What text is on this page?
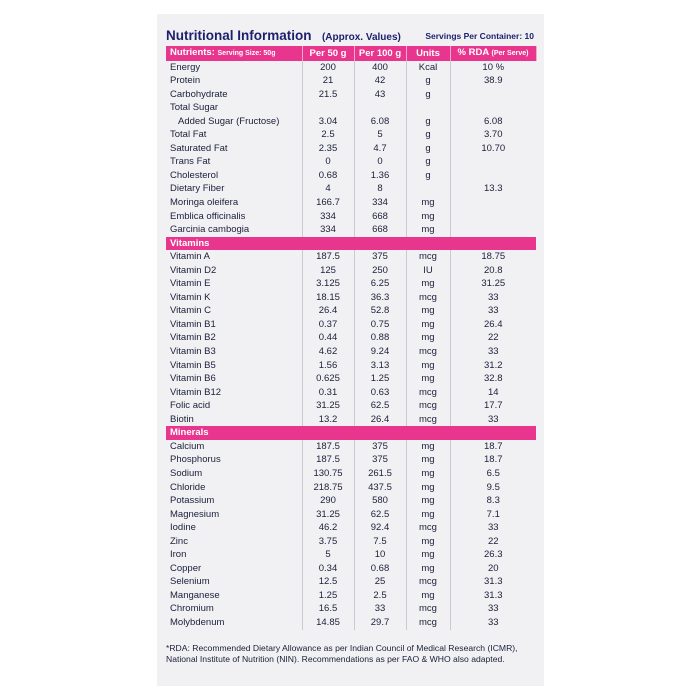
Nutritional Information (Approx. Values)	Servings Per Container: 10
Nutrients: Serving Size: 50g	Per 50 g	Per 100 g	Units	% RDA (Per Serve)
Energy	200	400	Kcal	10 %
Protein	21	42	g	38.9
Carbohydrate	21.5	43	g	
Total Sugar				
Added Sugar (Fructose)	3.04	6.08	g	6.08
Total Fat	2.5	5	g	3.70
Saturated Fat	2.35	4.7	g	10.70
Trans Fat	0	0	g	
Cholesterol	0.68	1.36	g	
Dietary Fiber	4	8		13.3
Moringa oleifera	166.7	334	mg	
Emblica officinalis	334	668	mg	
Garcinia cambogia	334	668	mg	
Vitamins				
Vitamin A	187.5	375	mcg	18.75
Vitamin D2	125	250	IU	20.8
Vitamin E	3.125	6.25	mg	31.25
Vitamin K	18.15	36.3	mcg	33
Vitamin C	26.4	52.8	mg	33
Vitamin B1	0.37	0.75	mg	26.4
Vitamin B2	0.44	0.88	mg	22
Vitamin B3	4.62	9.24	mcg	33
Vitamin B5	1.56	3.13	mg	31.2
Vitamin B6	0.625	1.25	mg	32.8
Vitamin B12	0.31	0.63	mcg	14
Folic acid	31.25	62.5	mcg	17.7
Biotin	13.2	26.4	mcg	33
Minerals				
Calcium	187.5	375	mg	18.7
Phosphorus	187.5	375	mg	18.7
Sodium	130.75	261.5	mg	6.5
Chloride	218.75	437.5	mg	9.5
Potassium	290	580	mg	8.3
Magnesium	31.25	62.5	mg	7.1
Iodine	46.2	92.4	mcg	33
Zinc	3.75	7.5	mg	22
Iron	5	10	mg	26.3
Copper	0.34	0.68	mg	20
Selenium	12.5	25	mcg	31.3
Manganese	1.25	2.5	mg	31.3
Chromium	16.5	33	mcg	33
Molybdenum	14.85	29.7	mcg	33
*RDA: Recommended Dietary Allowance as per Indian Council of Medical Research (ICMR), National Institute of Nutrition (NIN). Recommendations as per FAO & WHO also adapted.
